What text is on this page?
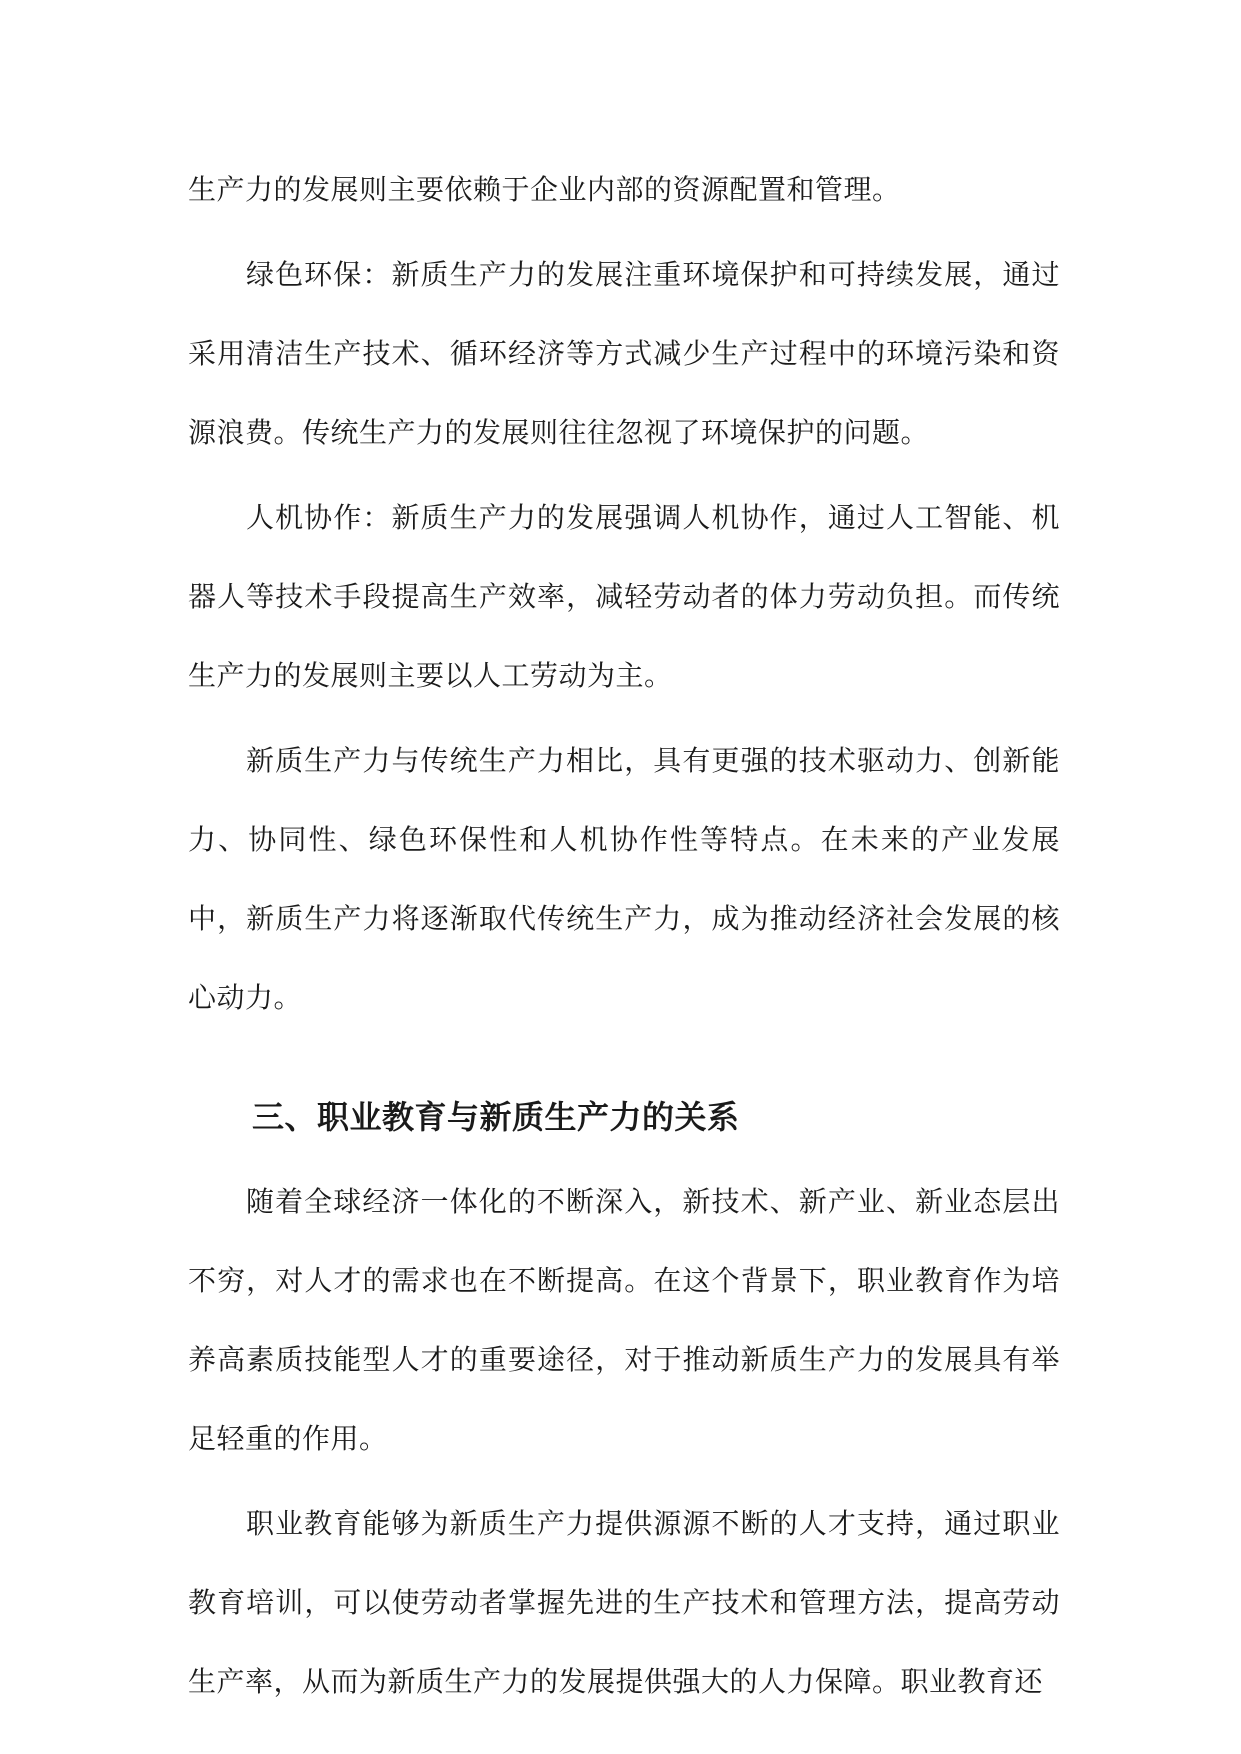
生产力的发展则主要依赖于企业内部的资源配置和管理。

绿色环保：新质生产力的发展注重环境保护和可持续发展，通过采用清洁生产技术、循环经济等方式减少生产过程中的环境污染和资源浪费。传统生产力的发展则往往忽视了环境保护的问题。

人机协作：新质生产力的发展强调人机协作，通过人工智能、机器人等技术手段提高生产效率，减轻劳动者的体力劳动负担。而传统生产力的发展则主要以人工劳动为主。

新质生产力与传统生产力相比，具有更强的技术驱动力、创新能力、协同性、绿色环保性和人机协作性等特点。在未来的产业发展中，新质生产力将逐渐取代传统生产力，成为推动经济社会发展的核心动力。

三、职业教育与新质生产力的关系

随着全球经济一体化的不断深入，新技术、新产业、新业态层出不穷，对人才的需求也在不断提高。在这个背景下，职业教育作为培养高素质技能型人才的重要途径，对于推动新质生产力的发展具有举足轻重的作用。

职业教育能够为新质生产力提供源源不断的人才支持，通过职业教育培训，可以使劳动者掌握先进的生产技术和管理方法，提高劳动生产率，从而为新质生产力的发展提供强大的人力保障。职业教育还
